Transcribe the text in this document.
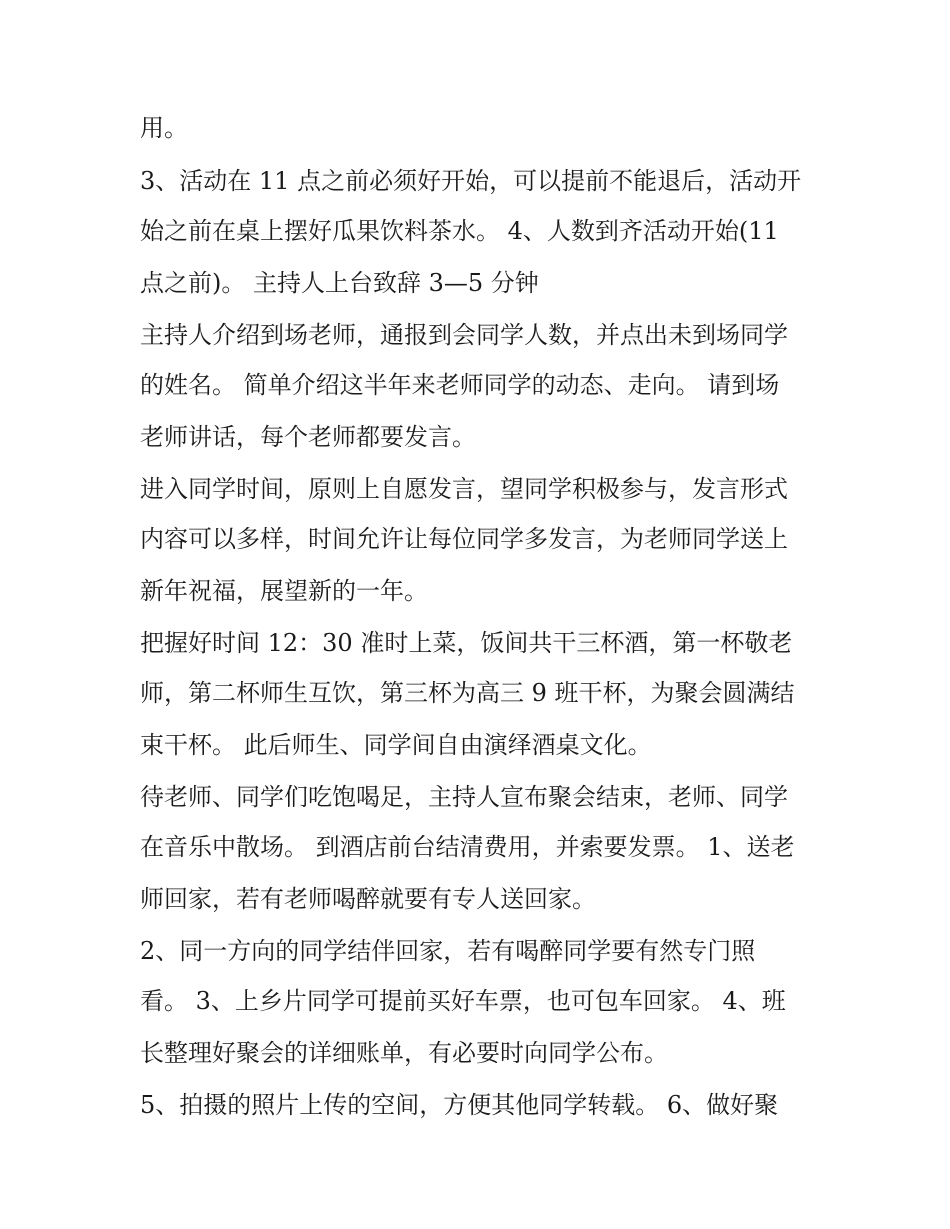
用。
3、活动在 11 点之前必须好开始，可以提前不能退后，活动开
始之前在桌上摆好瓜果饮料茶水。 4、人数到齐活动开始(11
点之前)。 主持人上台致辞 3—5 分钟
主持人介绍到场老师，通报到会同学人数，并点出未到场同学
的姓名。 简单介绍这半年来老师同学的动态、走向。 请到场
老师讲话，每个老师都要发言。
进入同学时间，原则上自愿发言，望同学积极参与，发言形式
内容可以多样，时间允许让每位同学多发言，为老师同学送上
新年祝福，展望新的一年。
把握好时间 12：30 准时上菜，饭间共干三杯酒，第一杯敬老
师，第二杯师生互饮，第三杯为高三 9 班干杯，为聚会圆满结
束干杯。 此后师生、同学间自由演绎酒桌文化。
待老师、同学们吃饱喝足，主持人宣布聚会结束，老师、同学
在音乐中散场。 到酒店前台结清费用，并索要发票。 1、送老
师回家，若有老师喝醉就要有专人送回家。
2、同一方向的同学结伴回家，若有喝醉同学要有然专门照
看。 3、上乡片同学可提前买好车票，也可包车回家。 4、班
长整理好聚会的详细账单，有必要时向同学公布。
5、拍摄的照片上传的空间，方便其他同学转载。 6、做好聚
